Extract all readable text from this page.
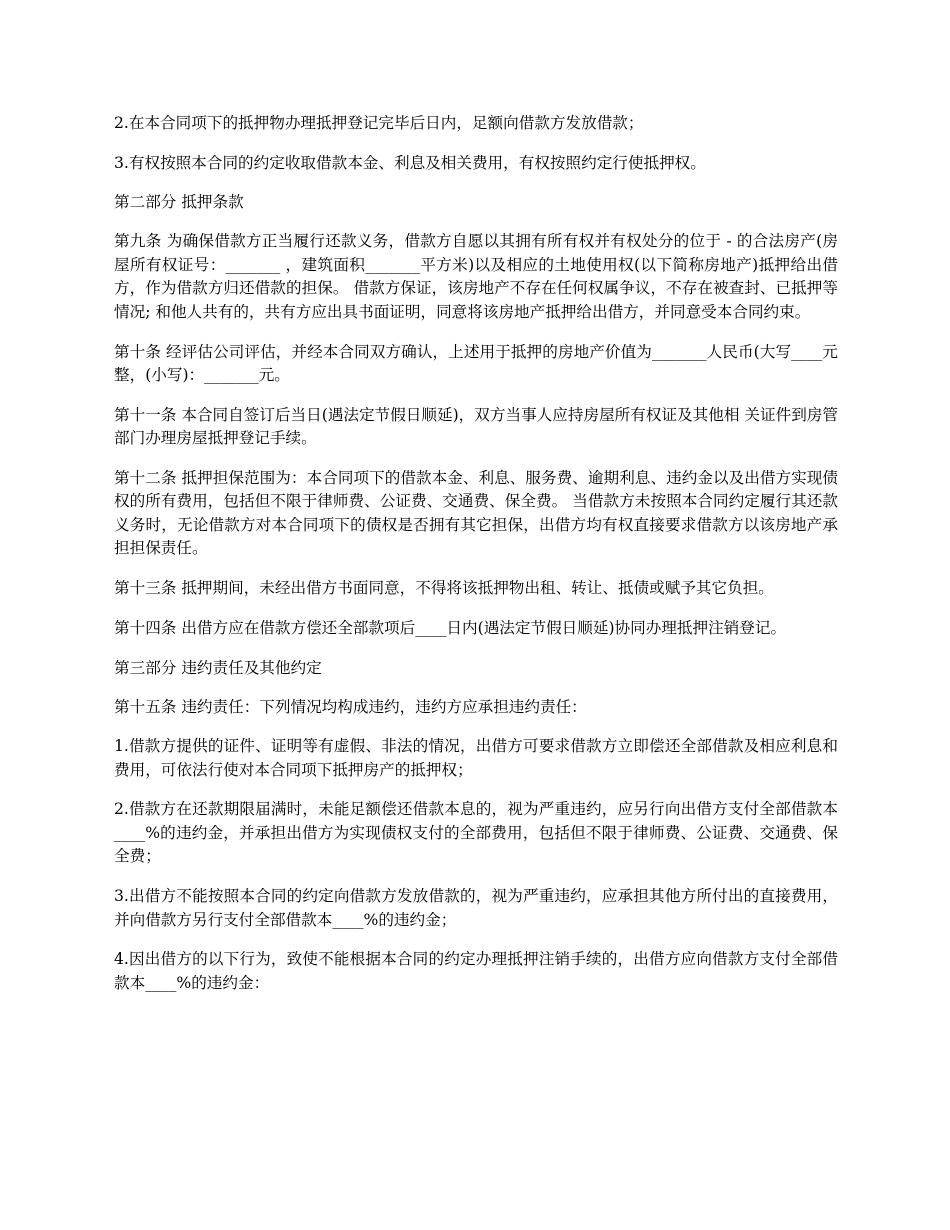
2.在本合同项下的抵押物办理抵押登记完毕后日内，足额向借款方发放借款；

3.有权按照本合同的约定收取借款本金、利息及相关费用，有权按照约定行使抵押权。

第二部分 抵押条款

第九条 为确保借款方正当履行还款义务，借款方自愿以其拥有所有权并有权处分的位于 - 的合法房产(房屋所有权证号：_______ ，建筑面积_______平方米)以及相应的土地使用权(以下简称房地产)抵押给出借方，作为借款方归还借款的担保。 借款方保证，该房地产不存在任何权属争议，不存在被查封、已抵押等情况; 和他人共有的，共有方应出具书面证明，同意将该房地产抵押给出借方，并同意受本合同约束。

第十条 经评估公司评估，并经本合同双方确认，上述用于抵押的房地产价值为_______人民币(大写____元整，(小写)：_______元。

第十一条 本合同自签订后当日(遇法定节假日顺延)，双方当事人应持房屋所有权证及其他相 关证件到房管部门办理房屋抵押登记手续。

第十二条 抵押担保范围为：本合同项下的借款本金、利息、服务费、逾期利息、违约金以及出借方实现债权的所有费用，包括但不限于律师费、公证费、交通费、保全费。 当借款方未按照本合同约定履行其还款义务时，无论借款方对本合同项下的债权是否拥有其它担保，出借方均有权直接要求借款方以该房地产承担担保责任。

第十三条 抵押期间，未经出借方书面同意，不得将该抵押物出租、转让、抵债或赋予其它负担。

第十四条 出借方应在借款方偿还全部款项后____日内(遇法定节假日顺延)协同办理抵押注销登记。

第三部分 违约责任及其他约定

第十五条 违约责任：下列情况均构成违约，违约方应承担违约责任：

1.借款方提供的证件、证明等有虚假、非法的情况，出借方可要求借款方立即偿还全部借款及相应利息和费用，可依法行使对本合同项下抵押房产的抵押权；

2.借款方在还款期限届满时，未能足额偿还借款本息的，视为严重违约，应另行向出借方支付全部借款本____%的违约金，并承担出借方为实现债权支付的全部费用，包括但不限于律师费、公证费、交通费、保全费；

3.出借方不能按照本合同的约定向借款方发放借款的，视为严重违约，应承担其他方所付出的直接费用，并向借款方另行支付全部借款本____%的违约金；

4.因出借方的以下行为，致使不能根据本合同的约定办理抵押注销手续的，出借方应向借款方支付全部借款本____%的违约金：
